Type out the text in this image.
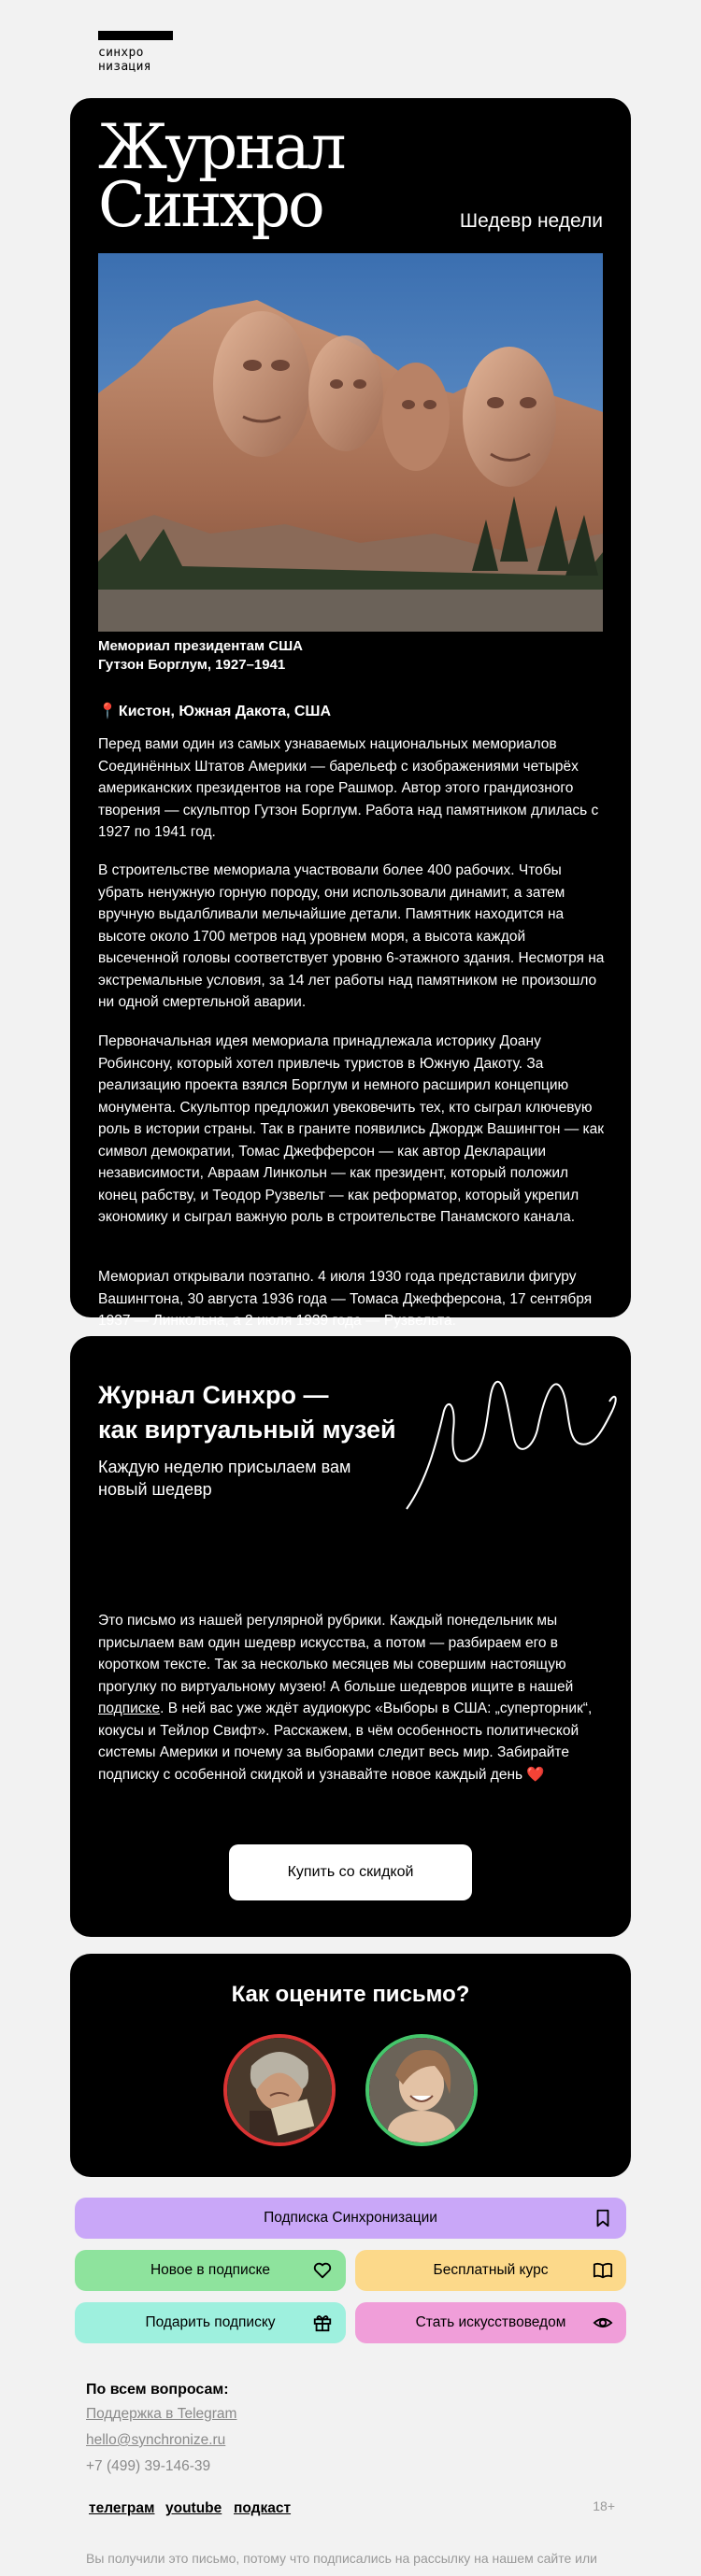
синхро
низация
Журнал
Синхро	Шедевр недели
Мемориал президентам США
Гутзон Борглум, 1927–1941
📍 Кистон, Южная Дакота, США
Перед вами один из самых узнаваемых национальных мемориалов Соединённых Штатов Америки — барельеф с изображениями четырёх американских президентов на горе Рашмор. Автор этого грандиозного творения — скульптор Гутзон Борглум. Работа над памятником длилась с 1927 по 1941 год.
В строительстве мемориала участвовали более 400 рабочих. Чтобы убрать ненужную горную породу, они использовали динамит, а затем вручную выдалбливали мельчайшие детали. Памятник находится на высоте около 1700 метров над уровнем моря, а высота каждой высеченной головы соответствует уровню 6-этажного здания. Несмотря на экстремальные условия, за 14 лет работы над памятником не произошло ни одной смертельной аварии.
Первоначальная идея мемориала принадлежала историку Доану Робинсону, который хотел привлечь туристов в Южную Дакоту. За реализацию проекта взялся Борглум и немного расширил концепцию монумента. Скульптор предложил увековечить тех, кто сыграл ключевую роль в истории страны. Так в граните появились Джордж Вашингтон — как символ демократии, Томас Джефферсон — как автор Декларации независимости, Авраам Линкольн — как президент, который положил конец рабству, и Теодор Рузвельт — как реформатор, который укрепил экономику и сыграл важную роль в строительстве Панамского канала.
Мемориал открывали поэтапно. 4 июля 1930 года представили фигуру Вашингтона, 30 августа 1936 года — Томаса Джефферсона, 17 сентября 1937 — Линкольна, а 2 июля 1939 года — Рузвельта.
Журнал Синхро —
как виртуальный музей
Каждую неделю присылаем вам
новый шедевр
Это письмо из нашей регулярной рубрики. Каждый понедельник мы присылаем вам один шедевр искусства, а потом — разбираем его в коротком тексте. Так за несколько месяцев мы совершим настоящую прогулку по виртуальному музею! А больше шедевров ищите в нашей подписке. В ней вас уже ждёт аудиокурс «Выборы в США: „суперторник“, кокусы и Тейлор Свифт». Расскажем, в чём особенность политической системы Америки и почему за выборами следит весь мир. Забирайте подписку с особенной скидкой и узнавайте новое каждый день ❤️
Купить со скидкой
Как оцените письмо?
Подписка Синхронизации
Новое в подписке	Бесплатный курс
Подарить подписку	Стать искусствоведом
По всем вопросам:
Поддержка в Telegram
hello@synchronize.ru
+7 (499) 39-146-39
телеграм youtube подкаст	18+
Вы получили это письмо, потому что подписались на рассылку на нашем сайте или
